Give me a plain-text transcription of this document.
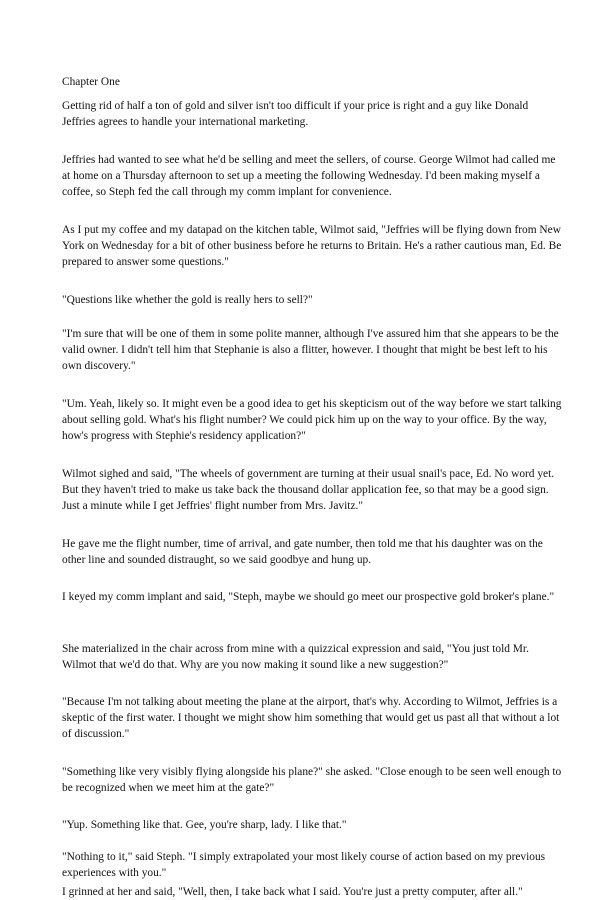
Chapter One

Getting rid of half a ton of gold and silver isn't too difficult if your price is right and a guy like Donald Jeffries agrees to handle your international marketing.

Jeffries had wanted to see what he'd be selling and meet the sellers, of course. George Wilmot had called me at home on a Thursday afternoon to set up a meeting the following Wednesday. I'd been making myself a coffee, so Steph fed the call through my comm implant for convenience.

As I put my coffee and my datapad on the kitchen table, Wilmot said, "Jeffries will be flying down from New York on Wednesday for a bit of other business before he returns to Britain. He's a rather cautious man, Ed. Be prepared to answer some questions."

"Questions like whether the gold is really hers to sell?"

"I'm sure that will be one of them in some polite manner, although I've assured him that she appears to be the valid owner. I didn't tell him that Stephanie is also a flitter, however. I thought that might be best left to his own discovery."

"Um. Yeah, likely so. It might even be a good idea to get his skepticism out of the way before we start talking about selling gold. What's his flight number? We could pick him up on the way to your office. By the way, how's progress with Stephie's residency application?"

Wilmot sighed and said, "The wheels of government are turning at their usual snail's pace, Ed. No word yet. But they haven't tried to make us take back the thousand dollar application fee, so that may be a good sign. Just a minute while I get Jeffries' flight number from Mrs. Javitz."

He gave me the flight number, time of arrival, and gate number, then told me that his daughter was on the other line and sounded distraught, so we said goodbye and hung up.

I keyed my comm implant and said, "Steph, maybe we should go meet our prospective gold broker's plane."

She materialized in the chair across from mine with a quizzical expression and said, "You just told Mr. Wilmot that we'd do that. Why are you now making it sound like a new suggestion?"

"Because I'm not talking about meeting the plane at the airport, that's why. According to Wilmot, Jeffries is a skeptic of the first water. I thought we might show him something that would get us past all that without a lot of discussion."

"Something like very visibly flying alongside his plane?" she asked. "Close enough to be seen well enough to be recognized when we meet him at the gate?"

"Yup. Something like that. Gee, you're sharp, lady. I like that."

"Nothing to it," said Steph. "I simply extrapolated your most likely course of action based on my previous experiences with you."

I grinned at her and said, "Well, then, I take back what I said. You're just a pretty computer, after all."
